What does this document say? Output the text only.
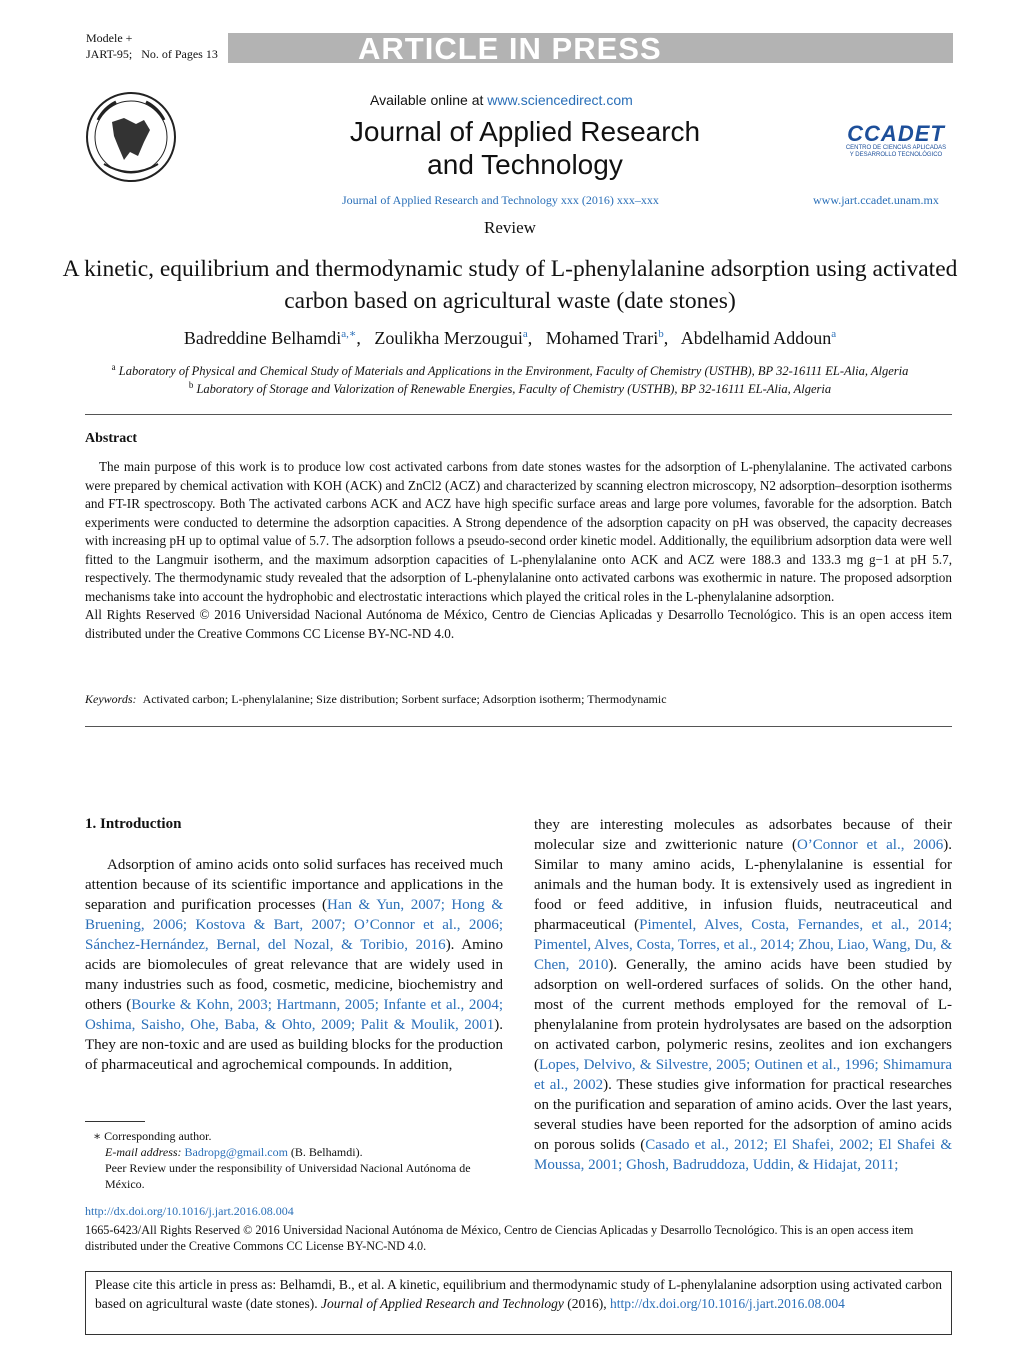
Modele +
JART-95; No. of Pages 13	ARTICLE IN PRESS
Available online at www.sciencedirect.com
Journal of Applied Research and Technology
Journal of Applied Research and Technology xxx (2016) xxx–xxx	www.jart.ccadet.unam.mx
CCADET
CENTRO DE CIENCIAS APLICADAS
Y DESARROLLO TECNOLÓGICO
Review
A kinetic, equilibrium and thermodynamic study of L-phenylalanine adsorption using activated carbon based on agricultural waste (date stones)
Badreddine Belhamdi$^{a,∗}$,   Zoulikha Merzougui$^a$,   Mohamed Trari$^b$,   Abdelhamid Addoun$^a$
$^a$ Laboratory of Physical and Chemical Study of Materials and Applications in the Environment, Faculty of Chemistry (USTHB), BP 32-16111 EL-Alia, Algeria
$^b$ Laboratory of Storage and Valorization of Renewable Energies, Faculty of Chemistry (USTHB), BP 32-16111 EL-Alia, Algeria
Abstract

The main purpose of this work is to produce low cost activated carbons from date stones wastes for the adsorption of L-phenylalanine. The activated carbons were prepared by chemical activation with KOH (ACK) and ZnCl2 (ACZ) and characterized by scanning electron microscopy, N2 adsorption–desorption isotherms and FT-IR spectroscopy. Both The activated carbons ACK and ACZ have high specific surface areas and large pore volumes, favorable for the adsorption. Batch experiments were conducted to determine the adsorption capacities. A Strong dependence of the adsorption capacity on pH was observed, the capacity decreases with increasing pH up to optimal value of 5.7. The adsorption follows a pseudo-second order kinetic model. Additionally, the equilibrium adsorption data were well fitted to the Langmuir isotherm, and the maximum adsorption capacities of L-phenylalanine onto ACK and ACZ were 188.3 and 133.3 mg g−1 at pH 5.7, respectively. The thermodynamic study revealed that the adsorption of L-phenylalanine onto activated carbons was exothermic in nature. The proposed adsorption mechanisms take into account the hydrophobic and electrostatic interactions which played the critical roles in the L-phenylalanine adsorption.

All Rights Reserved © 2016 Universidad Nacional Autónoma de México, Centro de Ciencias Aplicadas y Desarrollo Tecnológico. This is an open access item distributed under the Creative Commons CC License BY-NC-ND 4.0.

Keywords: Activated carbon; L-phenylalanine; Size distribution; Sorbent surface; Adsorption isotherm; Thermodynamic
1. Introduction

Adsorption of amino acids onto solid surfaces has received much attention because of its scientific importance and applications in the separation and purification processes (Han & Yun, 2007; Hong & Bruening, 2006; Kostova & Bart, 2007; O’Connor et al., 2006; Sánchez-Hernández, Bernal, del Nozal, & Toribio, 2016). Amino acids are biomolecules of great relevance that are widely used in many industries such as food, cosmetic, medicine, biochemistry and others (Bourke & Kohn, 2003; Hartmann, 2005; Infante et al., 2004; Oshima, Saisho, Ohe, Baba, & Ohto, 2009; Palit & Moulik, 2001). They are non-toxic and are used as building blocks for the production of pharmaceutical and agrochemical compounds. In addition,

they are interesting molecules as adsorbates because of their molecular size and zwitterionic nature (O’Connor et al., 2006). Similar to many amino acids, L-phenylalanine is essential for animals and the human body. It is extensively used as ingredient in food or feed additive, in infusion fluids, neutraceutical and pharmaceutical (Pimentel, Alves, Costa, Fernandes, et al., 2014; Pimentel, Alves, Costa, Torres, et al., 2014; Zhou, Liao, Wang, Du, & Chen, 2010). Generally, the amino acids have been studied by adsorption on well-ordered surfaces of solids. On the other hand, most of the current methods employed for the removal of L-phenylalanine from protein hydrolysates are based on the adsorption on activated carbon, polymeric resins, zeolites and ion exchangers (Lopes, Delvivo, & Silvestre, 2005; Outinen et al., 1996; Shimamura et al., 2002). These studies give information for practical researches on the purification and separation of amino acids. Over the last years, several studies have been reported for the adsorption of amino acids on porous solids (Casado et al., 2012; El Shafei, 2002; El Shafei & Moussa, 2001; Ghosh, Badruddoza, Uddin, & Hidajat, 2011;

∗ Corresponding author.
E-mail address: Badropg@gmail.com (B. Belhamdi).
Peer Review under the responsibility of Universidad Nacional Autónoma de México.
http://dx.doi.org/10.1016/j.jart.2016.08.004
1665-6423/All Rights Reserved © 2016 Universidad Nacional Autónoma de México, Centro de Ciencias Aplicadas y Desarrollo Tecnológico. This is an open access item distributed under the Creative Commons CC License BY-NC-ND 4.0.
Please cite this article in press as: Belhamdi, B., et al. A kinetic, equilibrium and thermodynamic study of L-phenylalanine adsorption using activated carbon based on agricultural waste (date stones). Journal of Applied Research and Technology (2016), http://dx.doi.org/10.1016/j.jart.2016.08.004
